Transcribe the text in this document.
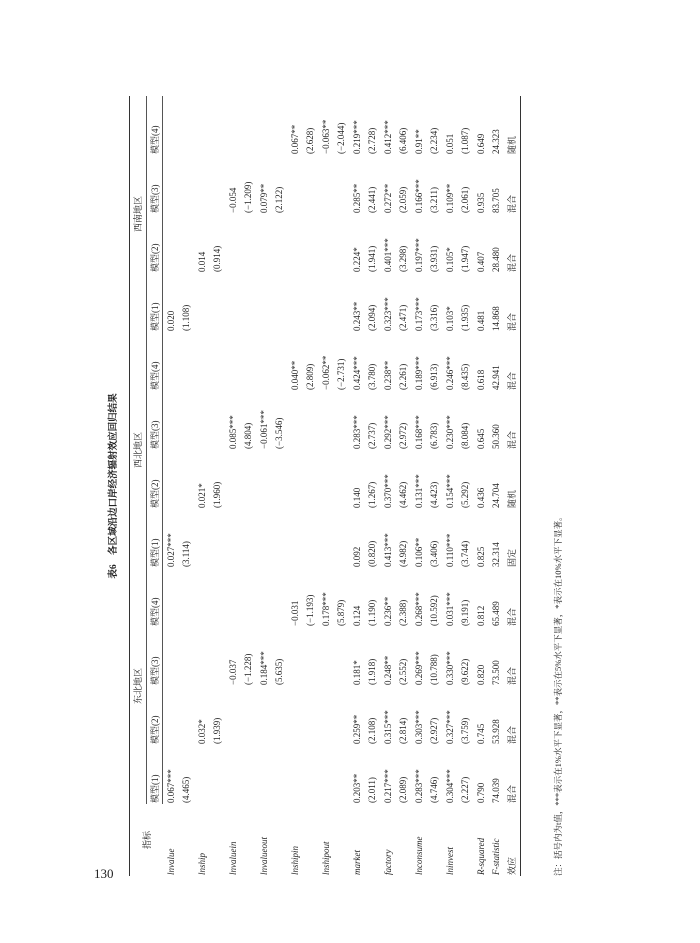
130
表6　各区域沿边口岸经济辐射效应回归结果
指标	东北地区				西北地区				西南地区			
	模型(1)	模型(2)	模型(3)	模型(4)	模型(1)	模型(2)	模型(3)	模型(4)	模型(1)	模型(2)	模型(3)	模型(4)
lnvalue	0.067***				0.027***				0.020			
	(4.465)				(3.114)				(1.108)			
lnship		0.032*				0.021*				0.014		
		(1.939)				(1.960)				(0.914)		
lnvaluein			−0.037				0.085***				−0.054	
			(−1.228)				(4.804)				(−1.209)	
lnvalueout			0.184***				−0.061***				0.079**	
			(5.635)				(−3.546)				(2.122)	
lnshipin				−0.031				0.040**				0.067**
				(−1.193)				(2.809)				(2.628)
lnshipout				0.178***				−0.062**				−0.063**
				(5.879)				(−2.731)				(−2.044)
market	0.203**	0.259**	0.181*	0.124	0.092	0.140	0.283***	0.424***	0.243**	0.224*	0.285**	0.219***
	(2.011)	(2.108)	(1.918)	(1.190)	(0.820)	(1.267)	(2.737)	(3.780)	(2.094)	(1.941)	(2.441)	(2.728)
factory	0.217***	0.315***	0.248**	0.236**	0.413***	0.370***	0.292***	0.238**	0.323***	0.401***	0.272**	0.412***
	(2.089)	(2.814)	(2.552)	(2.388)	(4.982)	(4.462)	(2.972)	(2.261)	(2.471)	(3.298)	(2.059)	(6.406)
lnconsume	0.283***	0.303***	0.269***	0.268***	0.106**	0.131***	0.168***	0.189***	0.173***	0.197***	0.166***	0.91**
	(4.746)	(2.927)	(10.788)	(10.592)	(3.406)	(4.423)	(6.783)	(6.913)	(3.316)	(3.931)	(3.211)	(2.234)
lninvest	0.304***	0.327***	0.330***	0.031***	0.110***	0.154***	0.230***	0.246***	0.103*	0.105*	0.109**	0.051
	(2.227)	(3.759)	(9.622)	(9.191)	(3.744)	(5.292)	(8.084)	(8.435)	(1.935)	(1.947)	(2.061)	(1.087)
R-squared	0.790	0.745	0.820	0.812	0.825	0.436	0.645	0.618	0.481	0.407	0.935	0.649
F-statistic	74.039	53.928	73.500	65.489	32.314	24.704	50.360	42.941	14.868	28.480	83.705	24.323
效应	混合	混合	混合	混合	固定	随机	混合	混合	混合	混合	混合	随机
注：括号内为t值，***表示在1%水平下显著，**表示在5%水平下显著，*表示在10%水平下显著。
